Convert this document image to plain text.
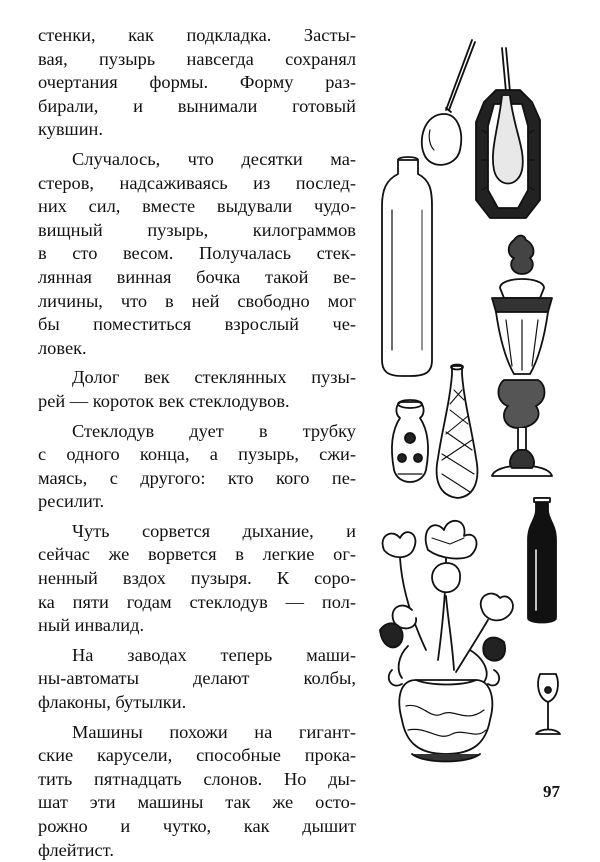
стенки, как подкладка. Засты-
вая, пузырь навсегда сохранял
очертания формы. Форму раз-
бирали, и вынимали готовый
кувшин.

Случалось, что десятки ма-
стеров, надсаживаясь из послед-
них сил, вместе выдували чудо-
вищный пузырь, килограммов
в сто весом. Получалась стек-
лянная винная бочка такой ве-
личины, что в ней свободно мог
бы поместиться взрослый че-
ловек.

Долог век стеклянных пузы-
рей — короток век стеклодувов.

Стеклодув дует в трубку
с одного конца, а пузырь, сжи-
маясь, с другого: кто кого пе-
ресилит.

Чуть сорвется дыхание, и
сейчас же ворвется в легкие ог-
ненный вздох пузыря. К соро-
ка пяти годам стеклодув — пол-
ный инвалид.

На заводах теперь маши-
ны-автоматы делают колбы,
флаконы, бутылки.

Машины похожи на гигант-
ские карусели, способные прока-
тить пятнадцать слонов. Но ды-
шат эти машины так же осто-
рожно и чутко, как дышит
флейтист.

97
